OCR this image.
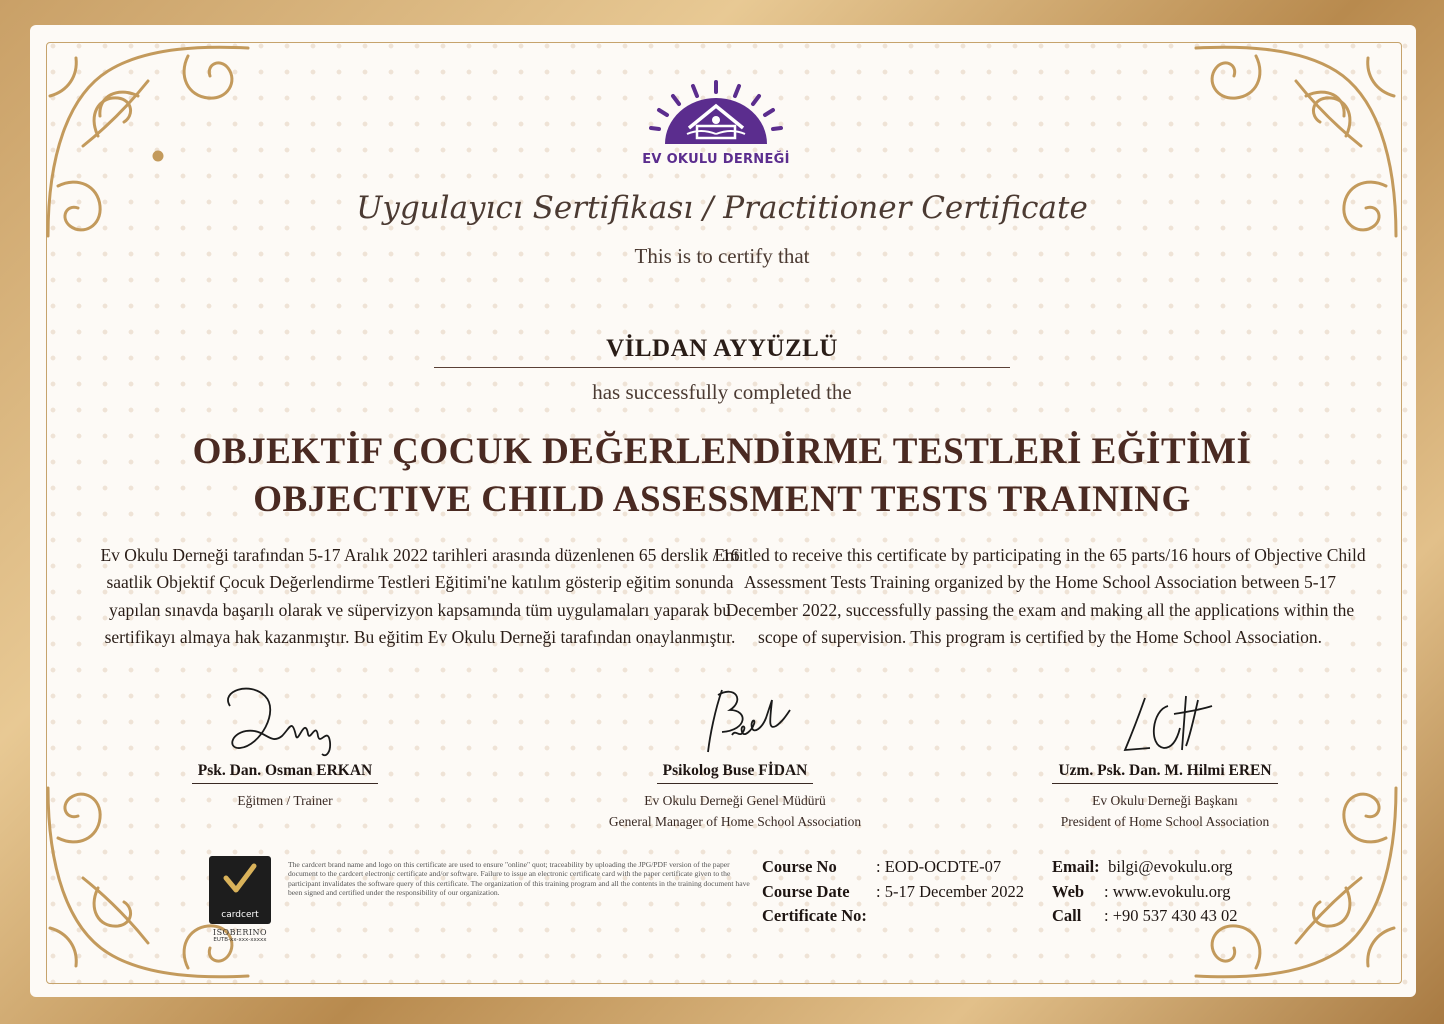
EV OKULU DERNEĞİ
Uygulayıcı Sertifikası / Practitioner Certificate
This is to certify that
VİLDAN AYYÜZLÜ
has successfully completed the
OBJEKTİF ÇOCUK DEĞERLENDİRME TESTLERİ EĞİTİMİ
OBJECTIVE CHILD ASSESSMENT TESTS TRAINING
Ev Okulu Derneği tarafından 5-17 Aralık 2022 tarihleri arasında düzenlenen 65 derslik / 16 saatlik Objektif Çocuk Değerlendirme Testleri Eğitimi'ne katılım gösterip eğitim sonunda yapılan sınavda başarılı olarak ve süpervizyon kapsamında tüm uygulamaları yaparak bu sertifikayı almaya hak kazanmıştır. Bu eğitim Ev Okulu Derneği tarafından onaylanmıştır.
Entitled to receive this certificate by participating in the 65 parts/16 hours of Objective Child Assessment Tests Training organized by the Home School Association between 5-17 December 2022, successfully passing the exam and making all the applications within the scope of supervision. This program is certified by the Home School Association.
Psk. Dan. Osman ERKAN
Eğitmen / Trainer
Psikolog Buse FİDAN
Ev Okulu Derneği Genel Müdürü
General Manager of Home School Association
Uzm. Psk. Dan. M. Hilmi EREN
Ev Okulu Derneği Başkanı
President of Home School Association
cardcert
ISOBERINO
EUTB-xx-xxx-xxxxx
The cardcert brand name and logo on this certificate are used to ensure "online" quot; traceability by uploading the JPG/PDF version of the paper document to the cardcert electronic certificate and/or software. Failure to issue an electronic certificate card with the paper certificate given to the participant invalidates the software query of this certificate. The organization of this training program and all the contents in the training document have been signed and certified under the responsibility of our organization.
Course No : EOD-OCDTE-07
Course Date : 5-17 December 2022
Certificate No:
Email: bilgi@evokulu.org
Web : www.evokulu.org
Call : +90 537 430 43 02
